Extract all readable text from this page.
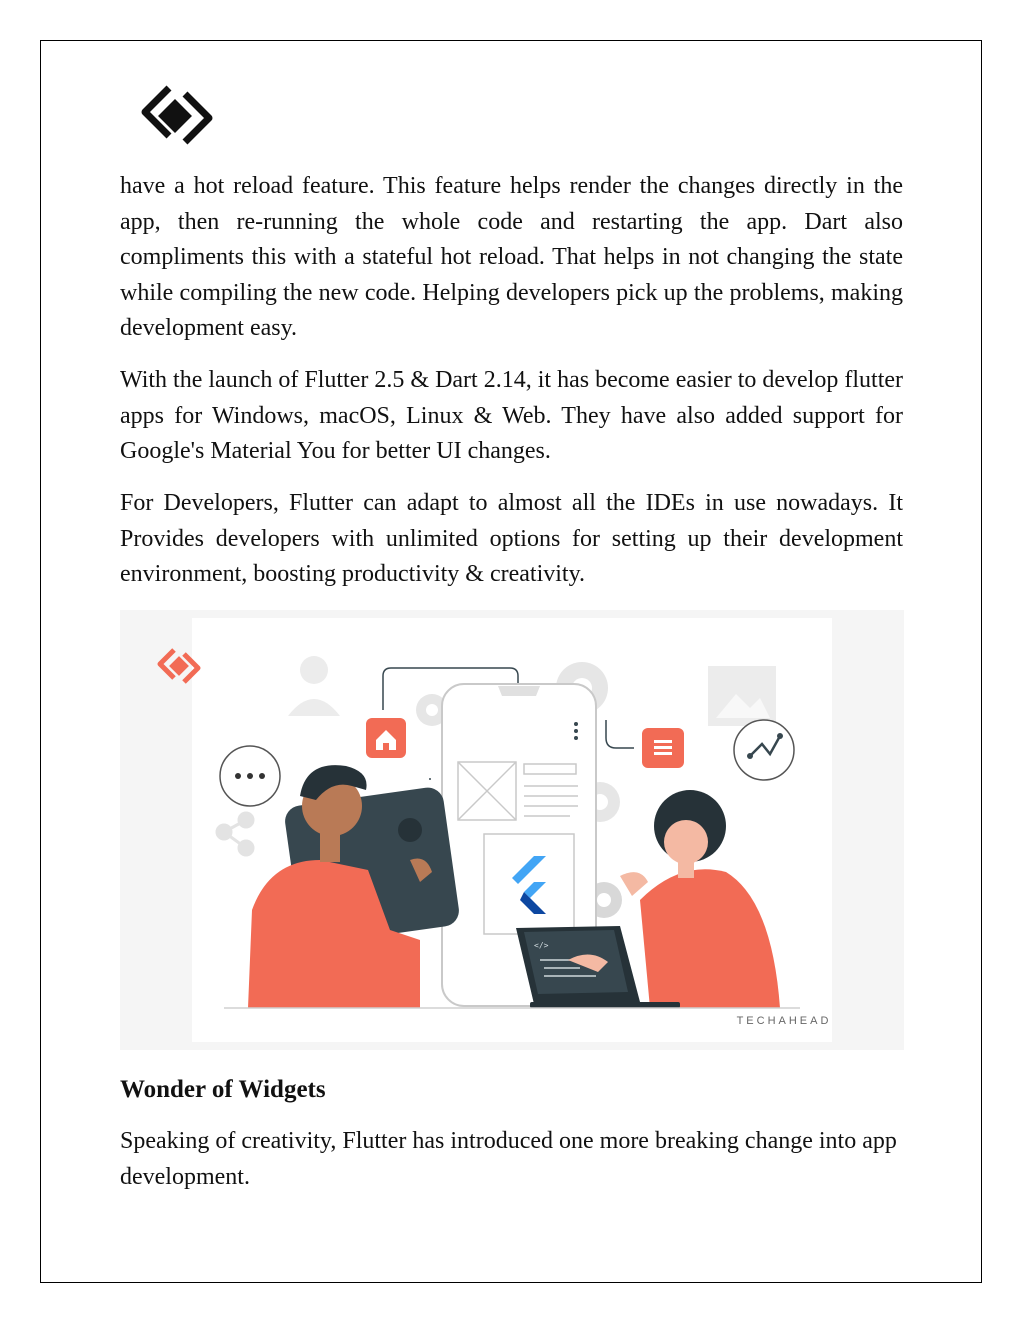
have a hot reload feature. This feature helps render the changes directly in the app, then re-running the whole code and restarting the app. Dart also compliments this with a stateful hot reload. That helps in not changing the state while compiling the new code. Helping developers pick up the problems, making development easy.

With the launch of Flutter 2.5 & Dart 2.14, it has become easier to develop flutter apps for Windows, macOS, Linux & Web. They have also added support for Google's Material You for better UI changes.

For Developers, Flutter can adapt to almost all the IDEs in use nowadays. It Provides developers with unlimited options for setting up their development environment, boosting productivity & creativity.

</>
TECHAHEAD
Wonder of Widgets

Speaking of creativity, Flutter has introduced one more breaking change into app development.
